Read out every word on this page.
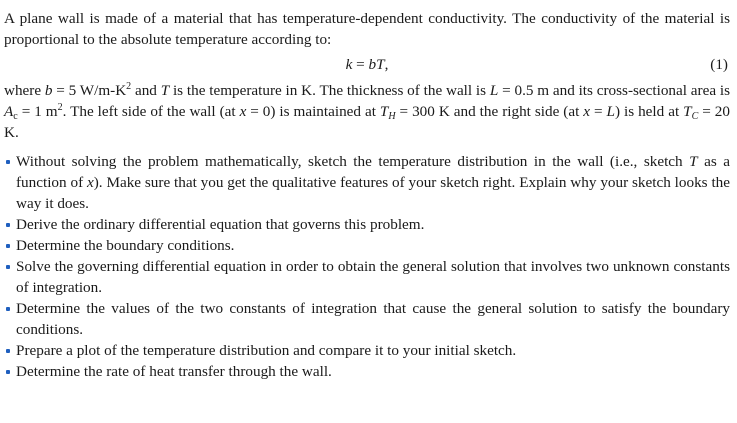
A plane wall is made of a material that has temperature-dependent conductivity. The conductivity of the material is proportional to the absolute temperature according to:

k = bT,	(1)

where b = 5 $W/m-K^2$ and T is the temperature in K. The thickness of the wall is L = 0.5 m and its cross-sectional area is $A_c = 1$ $m^2$. The left side of the wall (at x = 0) is maintained at $T_H = 300$ K and the right side (at x = L) is held at $T_C = 20$ K.

Without solving the problem mathematically, sketch the temperature distribution in the wall (i.e., sketch T as a function of x). Make sure that you get the qualitative features of your sketch right. Explain why your sketch looks the way it does.
Derive the ordinary differential equation that governs this problem.
Determine the boundary conditions.
Solve the governing differential equation in order to obtain the general solution that involves two unknown constants of integration.
Determine the values of the two constants of integration that cause the general solution to satisfy the boundary conditions.
Prepare a plot of the temperature distribution and compare it to your initial sketch.
Determine the rate of heat transfer through the wall.
